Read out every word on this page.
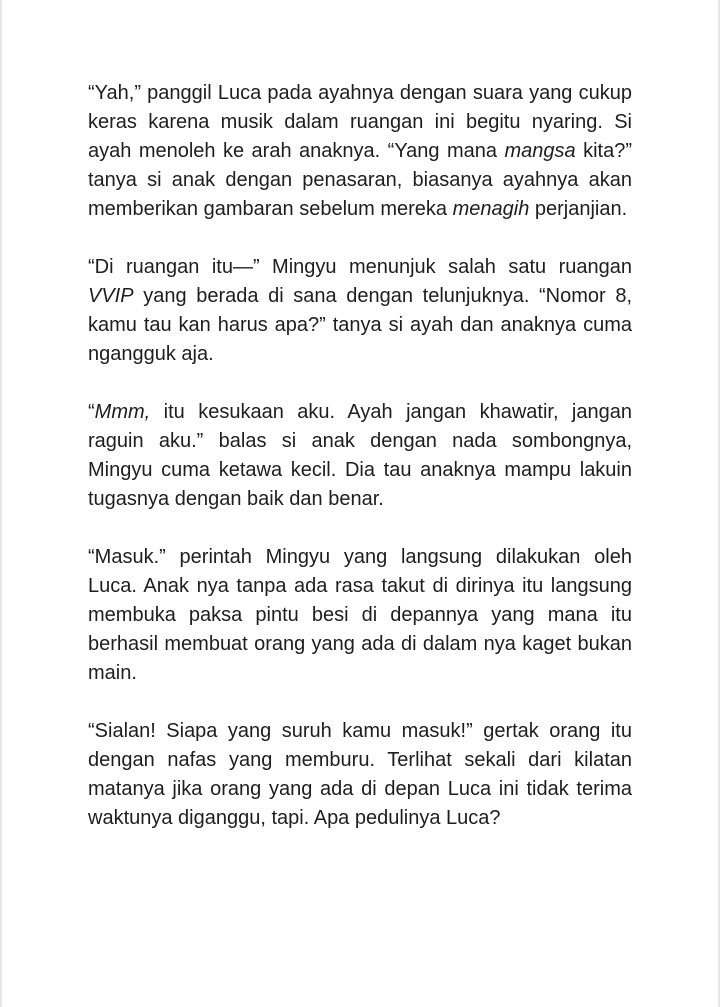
“Yah,” panggil Luca pada ayahnya dengan suara yang cukup keras karena musik dalam ruangan ini begitu nyaring. Si ayah menoleh ke arah anaknya. “Yang mana mangsa kita?” tanya si anak dengan penasaran, biasanya ayahnya akan memberikan gambaran sebelum mereka menagih perjanjian.

“Di ruangan itu—” Mingyu menunjuk salah satu ruangan VVIP yang berada di sana dengan telunjuknya. “Nomor 8, kamu tau kan harus apa?” tanya si ayah dan anaknya cuma ngangguk aja.

“Mmm, itu kesukaan aku. Ayah jangan khawatir, jangan raguin aku.” balas si anak dengan nada sombongnya, Mingyu cuma ketawa kecil. Dia tau anaknya mampu lakuin tugasnya dengan baik dan benar.

“Masuk.” perintah Mingyu yang langsung dilakukan oleh Luca. Anak nya tanpa ada rasa takut di dirinya itu langsung membuka paksa pintu besi di depannya yang mana itu berhasil membuat orang yang ada di dalam nya kaget bukan main.

“Sialan! Siapa yang suruh kamu masuk!” gertak orang itu dengan nafas yang memburu. Terlihat sekali dari kilatan matanya jika orang yang ada di depan Luca ini tidak terima waktunya diganggu, tapi. Apa pedulinya Luca?
